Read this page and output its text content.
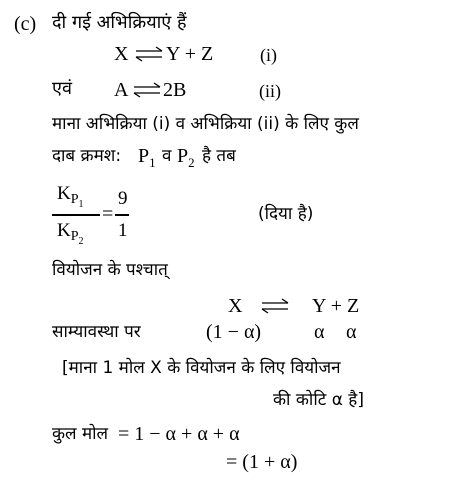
(c) दी गई अभिक्रियाएं हैं
X ⇌ Y + Z	(i)
एवं A ⇌ 2B	(ii)
माना अभिक्रिया (i) व अभिक्रिया (ii) के लिए कुल
दाब क्रमश: $P_1$ व $P_2$ है तब
$K_{P1}$
$K_{P2}$
=
9
1
(दिया है)
वियोजन के पश्चात्
X ⇌ Y + Z
साम्यावस्था पर	(1 − α)	α α
[माना 1 मोल X के वियोजन के लिए वियोजन
की कोटि α है]
कुल मोल = 1 − α + α + α
= (1 + α)
